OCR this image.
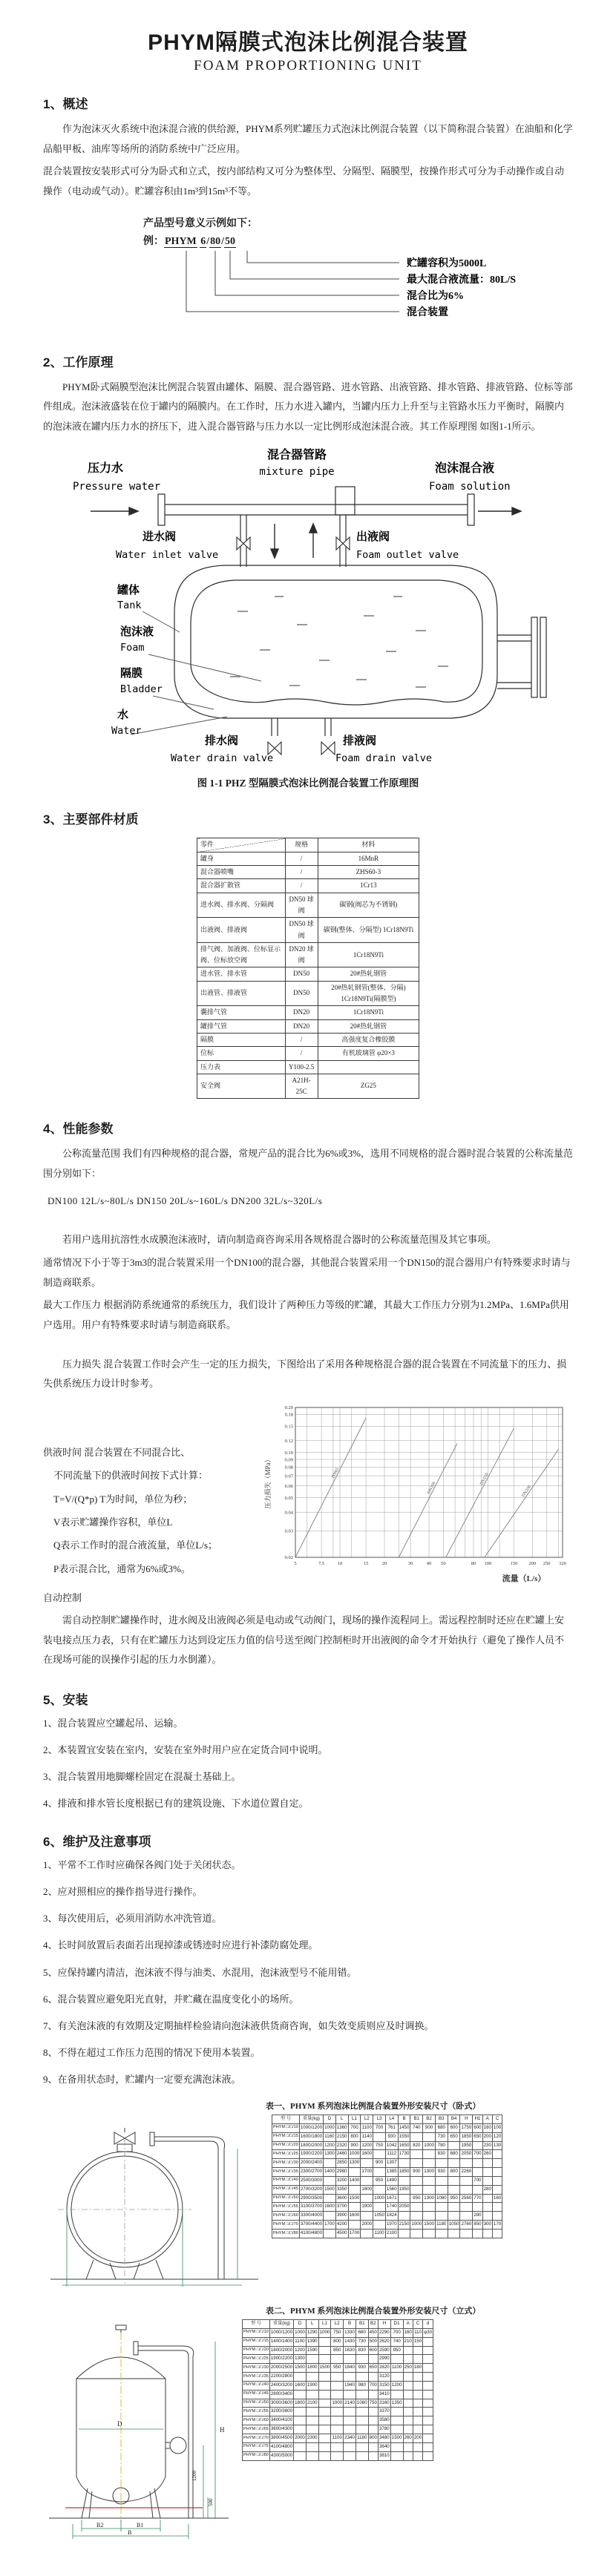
PHYM隔膜式泡沫比例混合装置
FOAM PROPORTIONING UNIT
1、概述

作为泡沫灭火系统中泡沫混合液的供给源，PHYM系列贮罐压力式泡沫比例混合装置（以下简称混合装置）在油船和化学品船甲板、油库等场所的消防系统中广泛应用。

混合装置按安装形式可分为卧式和立式，按内部结构又可分为整体型、分隔型、隔膜型，按操作形式可分为手动操作或自动操作（电动或气动）。贮罐容积由1m³到15m³不等。

产品型号意义示例如下：
例：PHYM 6/80/50
贮罐容积为5000L
最大混合液流量：80L/S
混合比为6%
混合装置
2、工作原理

PHYM卧式隔膜型泡沫比例混合装置由罐体、隔膜、混合器管路、进水管路、出液管路、排水管路、排液管路、位标等部件组成。泡沫液盛装在位于罐内的隔膜内。在工作时，压力水进入罐内，当罐内压力上升至与主管路水压力平衡时，隔膜内的泡沫液在罐内压力水的挤压下，进入混合器管路与压力水以一定比例形成泡沫混合液。其工作原理图 如图1-1所示。

混合器管路
mixture pipe
压力水
Pressure water
泡沫混合液
Foam solution
进水阀
Water inlet valve
出液阀
Foam outlet valve
罐体
Tank
泡沫液
Foam
隔膜
Bladder
水
Water
排水阀
Water drain valve
排液阀
Foam drain valve
图 1-1 PHZ 型隔膜式泡沫比例混合装置工作原理图
3、主要部件材质
零件	规格	材料
罐身	/	16MnR
混合器喷嘴	/	ZHS60-3
混合器扩散管	/	1Cr13
进水阀、排水阀、分隔阀	DN50 球阀	碳钢(阀芯为不锈钢)
出液阀、排液阀	DN50 球阀	碳钢(整体、分隔型) 1Cr18N9Ti
排气阀、加液阀、位标显示阀、位标放空阀	DN20 球阀	1Cr18N9Ti
进水管、排水管	DN50	20#热轧钢管
出液管、排液管	DN50	20#热轧钢管(整体、分隔) 1Cr18N9Ti(隔膜型)
囊排气管	DN20	1Cr18N9Ti
罐排气管	DN20	20#热轧钢管
隔膜	/	高强度复合橡胶膜
位标	/	有机玻璃管 φ20×3
压力表	Y100-2.5	
安全阀	A21H-25C	ZG25
4、性能参数

公称流量范围 我们有四种规格的混合器，常规产品的混合比为6%或3%，选用不同规格的混合器时混合装置的公称流量范围分别如下：

DN100 12L/s~80L/s DN150 20L/s~160L/s DN200 32L/s~320L/s

若用户选用抗溶性水成膜泡沫液时，请向制造商咨询采用各规格混合器时的公称流量范围及其它事项。

通常情况下小于等于3m3的混合装置采用一个DN100的混合器，其他混合装置采用一个DN150的混合器用户有特殊要求时请与制造商联系。

最大工作压力 根据消防系统通常的系统压力，我们设计了两种压力等级的贮罐，其最大工作压力分别为1.2MPa、1.6MPa供用户选用。用户有特殊要求时请与制造商联系。

压力损失 混合装置工作时会产生一定的压力损失，下图给出了采用各种规格混合器的混合装置在不同流量下的压力、损失供系统压力设计时参考。

供液时间 混合装置在不同混合比、
不同流量下的供液时间按下式计算：
T=V/(Q*p) T为时间，单位为秒；
V表示贮罐操作容积，单位L
Q表示工作时的混合液流量，单位L/s；
P表示混合比，通常为6%或3%。
自动控制
5	7.5	10	15	20	30	40 50	80 100	150 200 250 320
0.02
0.03
0.04
0.05
0.06
0.07
0.08
0.09
0.10
0.12
0.15
0.18
0.20
DN65
DN100
DN150
DN200
流量（L/s）
压力损失（MPa）

需自动控制贮罐操作时，进水阀及出液阀必须是电动或气动阀门，现场的操作流程同上。需远程控制时还应在贮罐上安装电接点压力表，只有在贮罐压力达到设定压力值的信号送至阀门控制柜时开出液阀的命令才开始执行（避免了操作人员不在现场可能的误操作引起的压力水倒灌）。

5、安装
1、混合装置应空罐起吊、运输。
2、本装置宜安装在室内，安装在室外时用户应在定货合同中说明。
3、混合装置用地脚螺栓固定在混凝土基础上。
4、排液和排水管长度根据已有的建筑设施、下水道位置自定。
6、维护及注意事项
1、平常不工作时应确保各阀门处于关闭状态。
2、应对照相应的操作指导进行操作。
3、每次使用后，必须用消防水冲洗管道。
4、长时间放置后表面若出现掉漆或锈迹时应进行补漆防腐处理。
5、应保持罐内清洁，泡沫液不得与油类、水混用，泡沫液型号不能用错。
6、混合装置应避免阳光直射，并贮藏在温度变化小的场所。
7、有关泡沫液的有效期及定期抽样检验请向泡沫液供货商咨询，如失效变质则应及时调换。
8、不得在超过工作压力范围的情况下使用本装置。
9、在备用状态时，贮罐内一定要充满泡沫液。
表一、PHYM 系列泡沫比例混合装置外形安装尺寸（卧式）
型 号	重量(kg)	D	L	L1	L2	L3	L4	B	B1	B2	B3	B4	H	H1	A	C
PHYM □/□/10	1000/1200	1000	1360	700	1100	700	761	1450	740	900	680	600	1750	600	180	100
PHYM □/□/15	1600/1800	1160	2150	800	1140		930	1550			730	650	1850	650	200	120
PHYM □/□/20	1800/2000	1200	2320	900	1200	750	1042	1650	820	1000	780		1950		230	130
PHYM □/□/25	1900/2200	1300	2460	1000	1600		1112	1730			830	680	2050	700	260	
PHYM □/□/30	2000/2400		2850	1300		900	1307									
PHYM □/□/35	2300/2700	1400	2980		1700		1385	1850	900	1300	930	800	2260			
PHYM □/□/40	2500/3000		3200	1400		950	1490							700		
PHYM □/□/45	2700/3200	1500	3350		1800		1560	1950							280	
PHYM □/□/50	2900/3500		3600	1500		1000	1671		950	1300	1080	950	2560	770		160
PHYM □/□/55	3100/3700	1600	3700		1900		1740	2050								
PHYM □/□/60	3300/4000		3900	1600		1050	1824							280		
PHYM □/□/70	3700/4400	1700	4200		2000		1970	2150	1000	1500	1180	1050	2760	850	300	170
PHYM □/□/80	4100/4800		4500	1700		1100	2100									
表二、PHYM 系列泡沫比例混合装置外形安装尺寸（立式）
D
H
1200
500
B2	B1
B
型 号	重量(kg)	D	L	L1	L2	B	B1	B2	H	D1	A	C	d
PHYM □/□/10	1000/1200	1000	1290	1000	750	1330	680	450	2290	700	160	110	φ30
PHYM □/□/15	1400/1400	1100	1390		800	1430	730	500	2620	740	210	150	
PHYM □/□/20	1800/2000	1200	1590		850	1630	830	600	2590	950			
PHYM □/□/25	1900/2200	1300							2990				
PHYM □/□/30	2000/2500	1500	1800	1500	950	1840	930	650	2820	1100	250	180	
PHYM □/□/35	2200/2800								3120				
PHYM □/□/40	2400/3200	1600	1900			1940	980	700	3150	1200			
PHYM □/□/45	2800/3400								3410				
PHYM □/□/50	3000/3600	1800	2100		1000	2140	1080	750	3160	1350			
PHYM □/□/55	3200/3800								3370				
PHYM □/□/60	3400/4100								3580				
PHYM □/□/65	3600/4300								3780				
PHYM □/□/70	3800/4500	2000	2300		1100	2340	1180	800	3480	1500	260	200	
PHYM □/□/75	4100/4800								3640				
PHYM □/□/80	4300/5000								3810				
